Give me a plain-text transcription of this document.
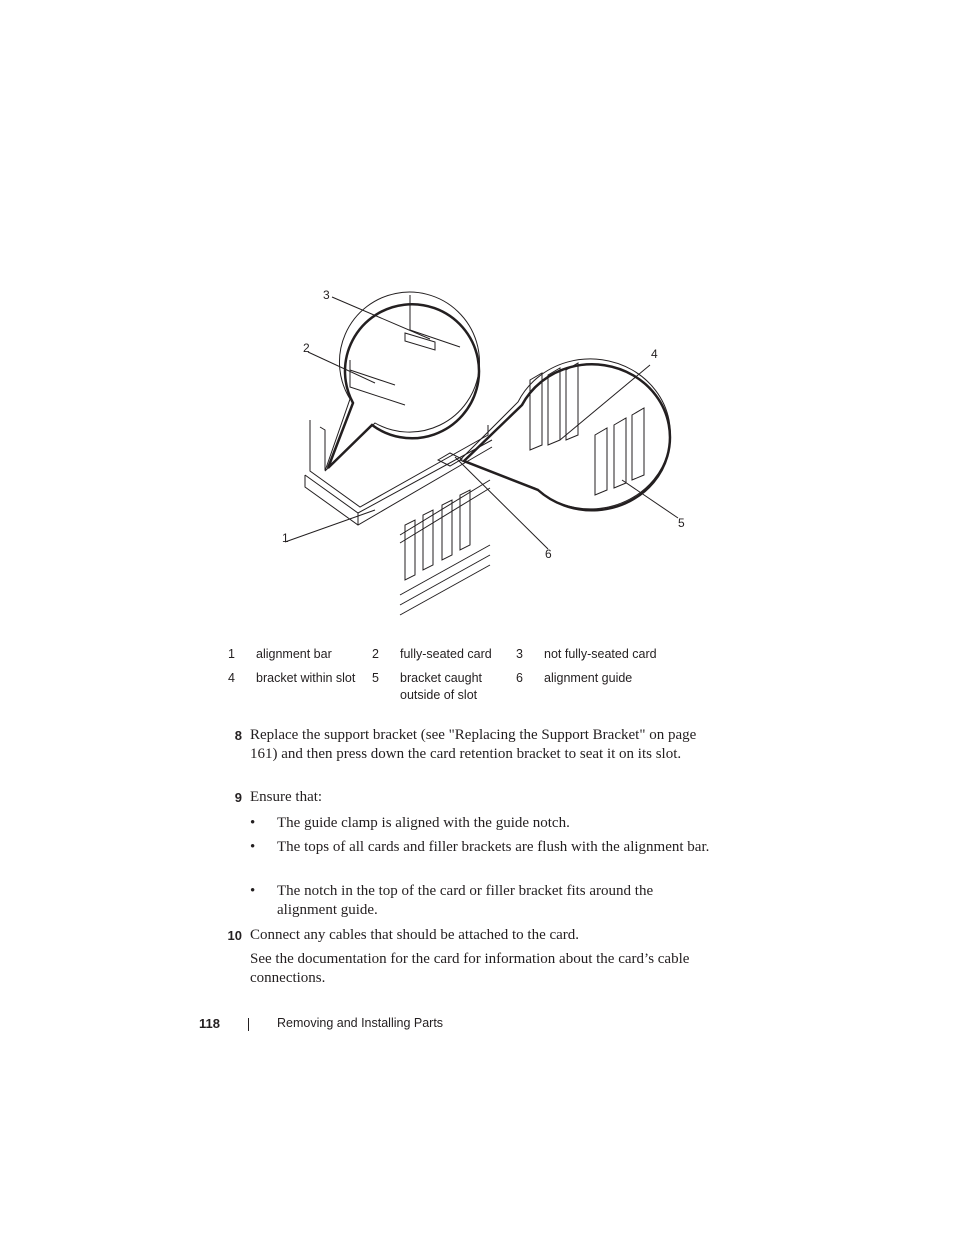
1
2
3
4
5
6
1	alignment bar	2	fully-seated card	3	not fully-seated card

4	bracket within slot	5	bracket caught outside of slot	6	alignment guide
8 Replace the support bracket (see "Replacing the Support Bracket" on page 161) and then press down the card retention bracket to seat it on its slot.
9 Ensure that:
• The guide clamp is aligned with the guide notch.
• The tops of all cards and filler brackets are flush with the alignment bar.
• The notch in the top of the card or filler bracket fits around the alignment guide.
10 Connect any cables that should be attached to the card.
See the documentation for the card for information about the card’s cable connections.
118	Removing and Installing Parts
